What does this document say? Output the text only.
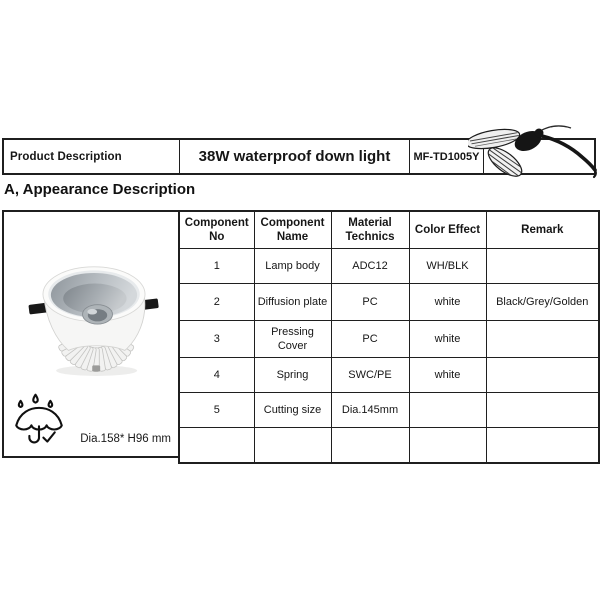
Product Description	38W waterproof down light	MF-TD1005Y
A, Appearance Description
Dia.158* H96 mm
Component No	Component Name	Material Technics	Color Effect	Remark
1	Lamp body	ADC12	WH/BLK	
2	Diffusion plate	PC	white	Black/Grey/Golden
3	Pressing Cover	PC	white	
4	Spring	SWC/PE	white	
5	Cutting size	Dia.145mm		
